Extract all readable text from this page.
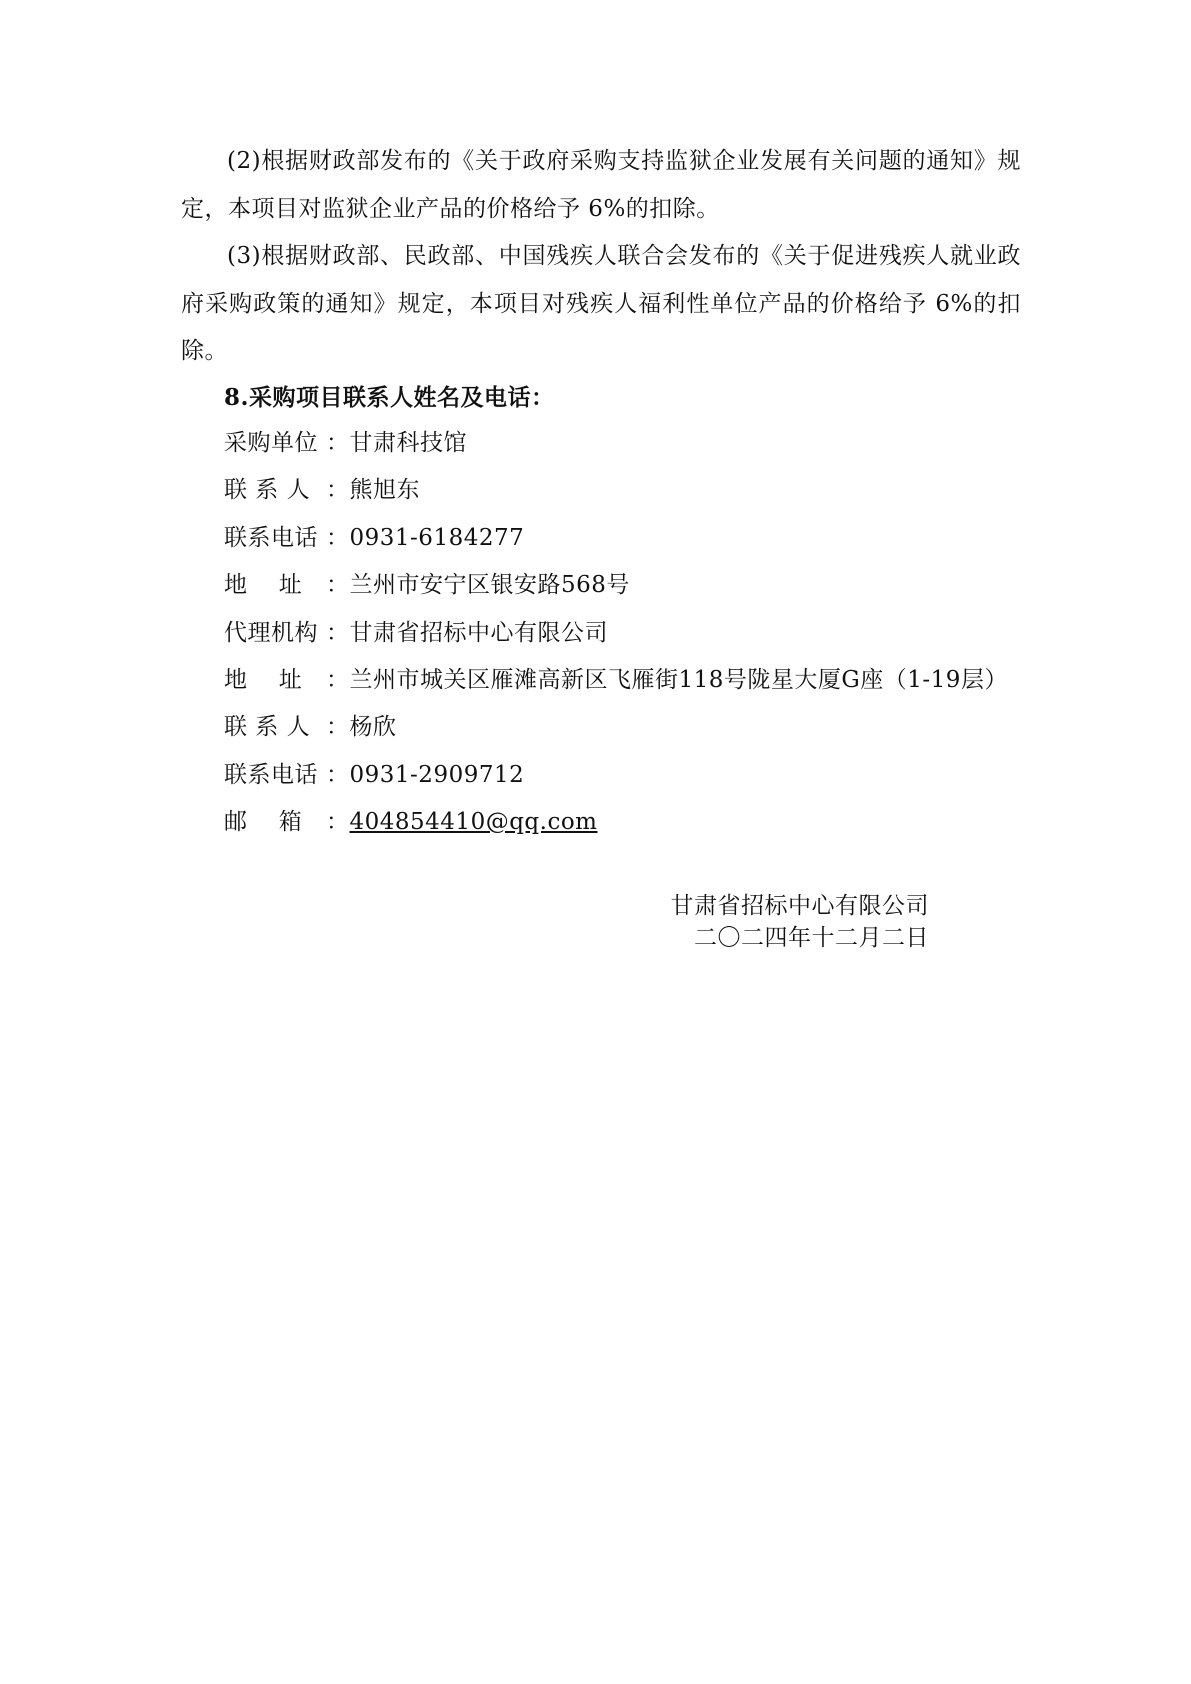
(2)根据财政部发布的《关于政府采购支持监狱企业发展有关问题的通知》规定，本项目对监狱企业产品的价格给予 6%的扣除。
(3)根据财政部、民政部、中国残疾人联合会发布的《关于促进残疾人就业政府采购政策的通知》规定，本项目对残疾人福利性单位产品的价格给予 6%的扣除。
8.采购项目联系人姓名及电话：
采购单位 ：甘肃科技馆
联 系 人 ：熊旭东
联系电话 ：0931-6184277
地    址 ：兰州市安宁区银安路568号
代理机构 ：甘肃省招标中心有限公司
地    址 ：兰州市城关区雁滩高新区飞雁街118号陇星大厦G座（1-19层）
联 系 人 ：杨欣
联系电话 ：0931-2909712
邮    箱 ：404854410@qq.com
甘肃省招标中心有限公司
二〇二四年十二月二日
